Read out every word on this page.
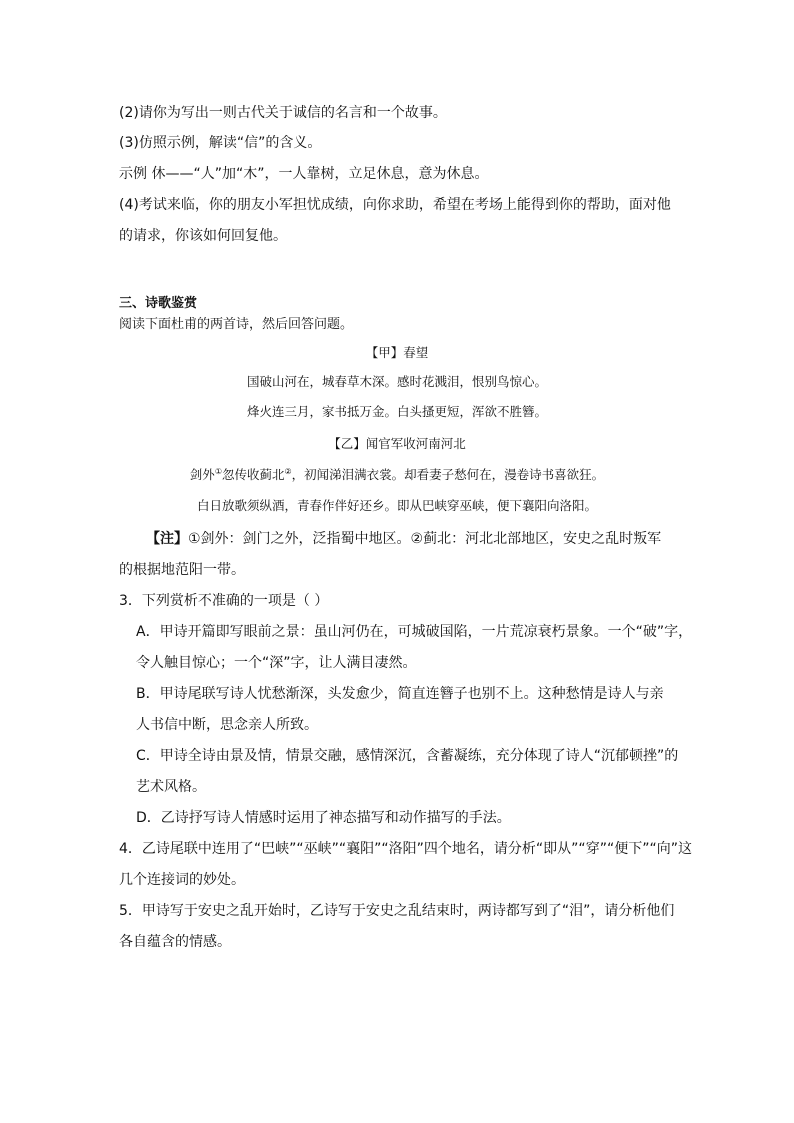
(2)请你为写出一则古代关于诚信的名言和一个故事。
(3)仿照示例，解读“信”的含义。
示例 休——“人”加“木”，一人靠树，立足休息，意为休息。
(4)考试来临，你的朋友小军担忧成绩，向你求助，希望在考场上能得到你的帮助，面对他
的请求，你该如何回复他。
三、诗歌鉴赏
阅读下面杜甫的两首诗，然后回答问题。
【甲】春望
国破山河在，城春草木深。感时花溅泪，恨别鸟惊心。
烽火连三月，家书抵万金。白头搔更短，浑欲不胜簪。
【乙】闻官军收河南河北
剑外①忽传收蓟北②，初闻涕泪满衣裳。却看妻子愁何在，漫卷诗书喜欲狂。
白日放歌须纵酒，青春作伴好还乡。即从巴峡穿巫峡，便下襄阳向洛阳。
【注】①剑外：剑门之外，泛指蜀中地区。②蓟北：河北北部地区，安史之乱时叛军
的根据地范阳一带。
3．下列赏析不准确的一项是（ ）
A．甲诗开篇即写眼前之景：虽山河仍在，可城破国陷，一片荒凉衰朽景象。一个“破”字，
令人触目惊心；一个“深”字，让人满目凄然。
B．甲诗尾联写诗人忧愁渐深，头发愈少，简直连簪子也别不上。这种愁情是诗人与亲
人书信中断，思念亲人所致。
C．甲诗全诗由景及情，情景交融，感情深沉，含蓄凝练，充分体现了诗人“沉郁顿挫”的
艺术风格。
D．乙诗抒写诗人情感时运用了神态描写和动作描写的手法。
4．乙诗尾联中连用了“巴峡”“巫峡”“襄阳”“洛阳”四个地名，请分析“即从”“穿”“便下”“向”这
几个连接词的妙处。
5．甲诗写于安史之乱开始时，乙诗写于安史之乱结束时，两诗都写到了“泪”，请分析他们
各自蕴含的情感。
